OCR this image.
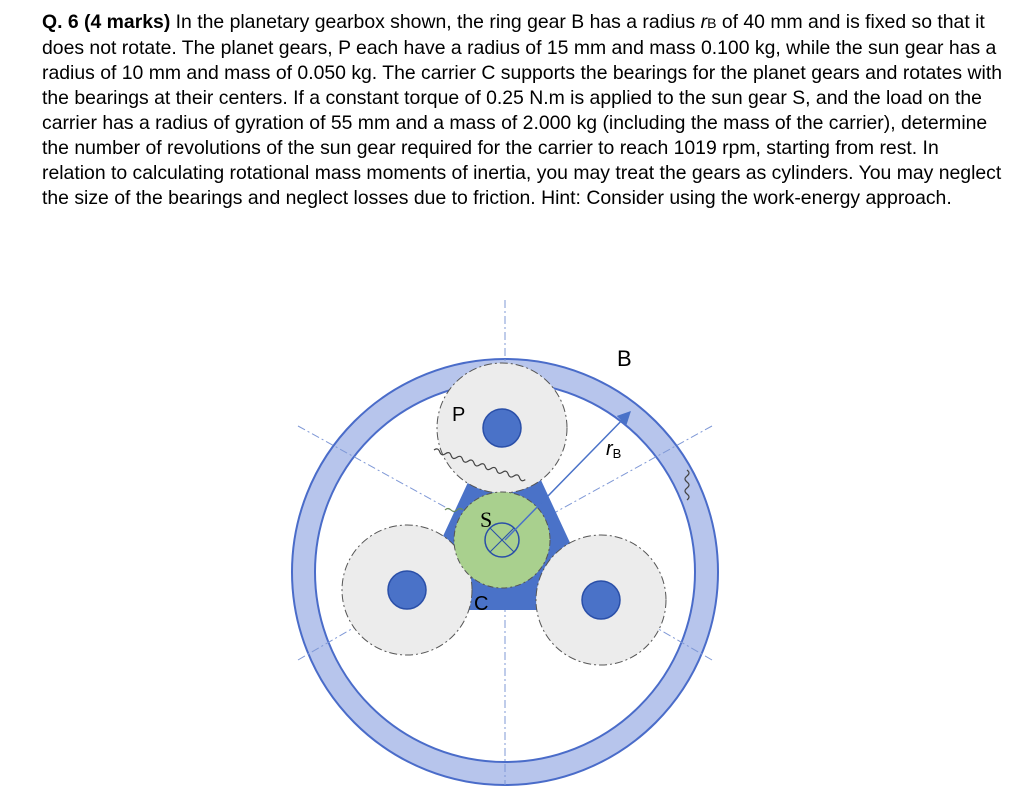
Q. 6 (4 marks) In the planetary gearbox shown, the ring gear B has a radius rB of 40 mm and is fixed so that it does not rotate. The planet gears, P each have a radius of 15 mm and mass 0.100 kg, while the sun gear has a radius of 10 mm and mass of 0.050 kg. The carrier C supports the bearings for the planet gears and rotates with the bearings at their centers. If a constant torque of 0.25 N.m is applied to the sun gear S, and the load on the carrier has a radius of gyration of 55 mm and a mass of 2.000 kg (including the mass of the carrier), determine the number of revolutions of the sun gear required for the carrier to reach 1019 rpm, starting from rest. In relation to calculating rotational mass moments of inertia, you may treat the gears as cylinders. You may neglect the size of the bearings and neglect losses due to friction. Hint: Consider using the work-energy approach.

B
P
S
C
rB
